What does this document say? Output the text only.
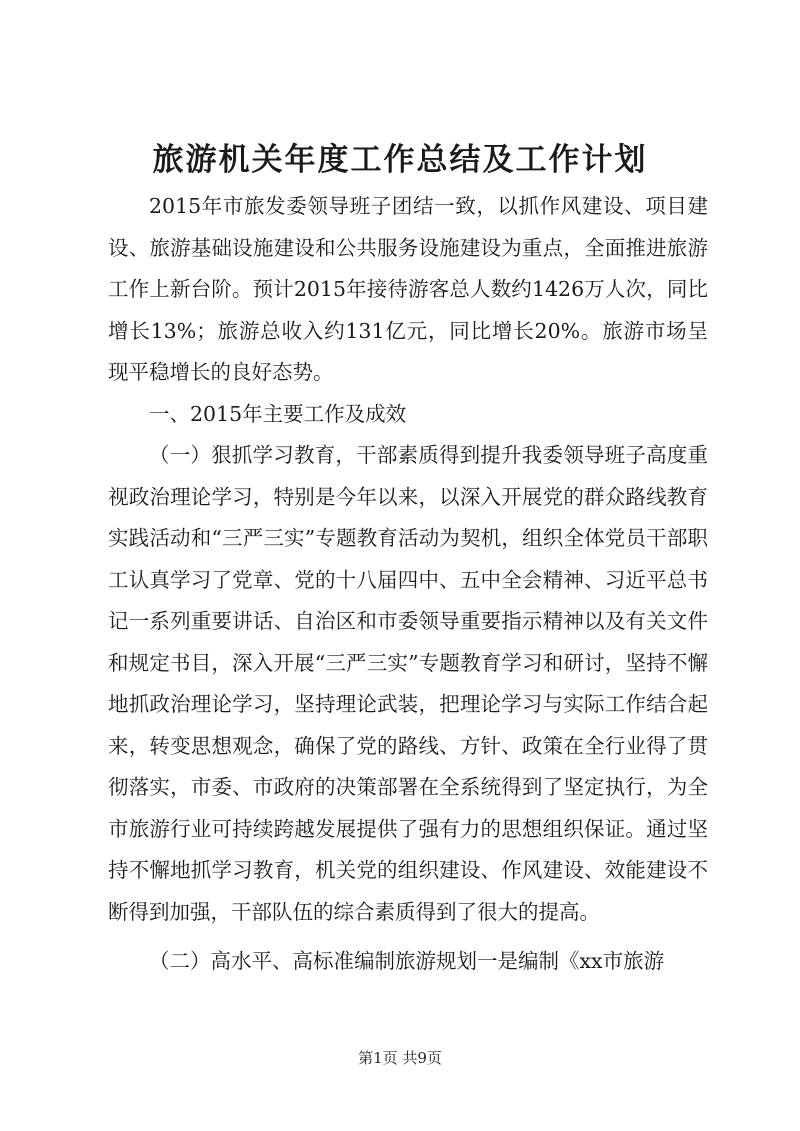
旅游机关年度工作总结及工作计划

2015年市旅发委领导班子团结一致，以抓作风建设、项目建设、旅游基础设施建设和公共服务设施建设为重点，全面推进旅游工作上新台阶。预计2015年接待游客总人数约1426万人次，同比增长13%；旅游总收入约131亿元，同比增长20%。旅游市场呈现平稳增长的良好态势。

一、2015年主要工作及成效

（一）狠抓学习教育，干部素质得到提升我委领导班子高度重视政治理论学习，特别是今年以来，以深入开展党的群众路线教育实践活动和“三严三实”专题教育活动为契机，组织全体党员干部职工认真学习了党章、党的十八届四中、五中全会精神、习近平总书记一系列重要讲话、自治区和市委领导重要指示精神以及有关文件和规定书目，深入开展“三严三实”专题教育学习和研讨，坚持不懈地抓政治理论学习，坚持理论武装，把理论学习与实际工作结合起来，转变思想观念，确保了党的路线、方针、政策在全行业得了贯彻落实，市委、市政府的决策部署在全系统得到了坚定执行，为全市旅游行业可持续跨越发展提供了强有力的思想组织保证。通过坚持不懈地抓学习教育，机关党的组织建设、作风建设、效能建设不断得到加强，干部队伍的综合素质得到了很大的提高。

（二）高水平、高标准编制旅游规划一是编制《xx市旅游

第1页 共9页
